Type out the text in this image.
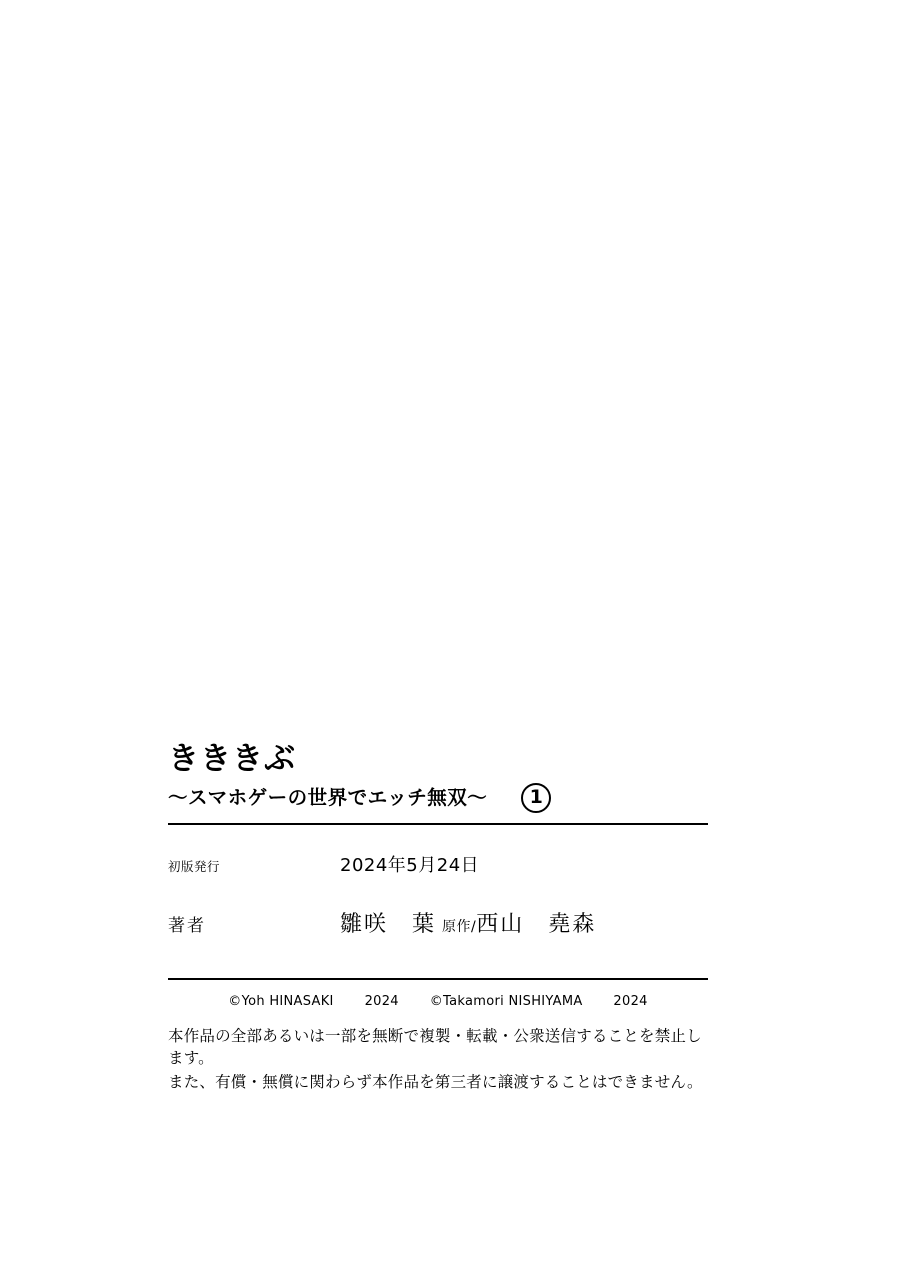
きききぶ
〜スマホゲーの世界でエッチ無双〜	1
初版発行	2024年5月24日
著者	雛咲　葉 原作/西山　堯森
©Yoh HINASAKI 2024 ©Takamori NISHIYAMA 2024
本作品の全部あるいは一部を無断で複製・転載・公衆送信することを禁止します。
また、有償・無償に関わらず本作品を第三者に譲渡することはできません。
